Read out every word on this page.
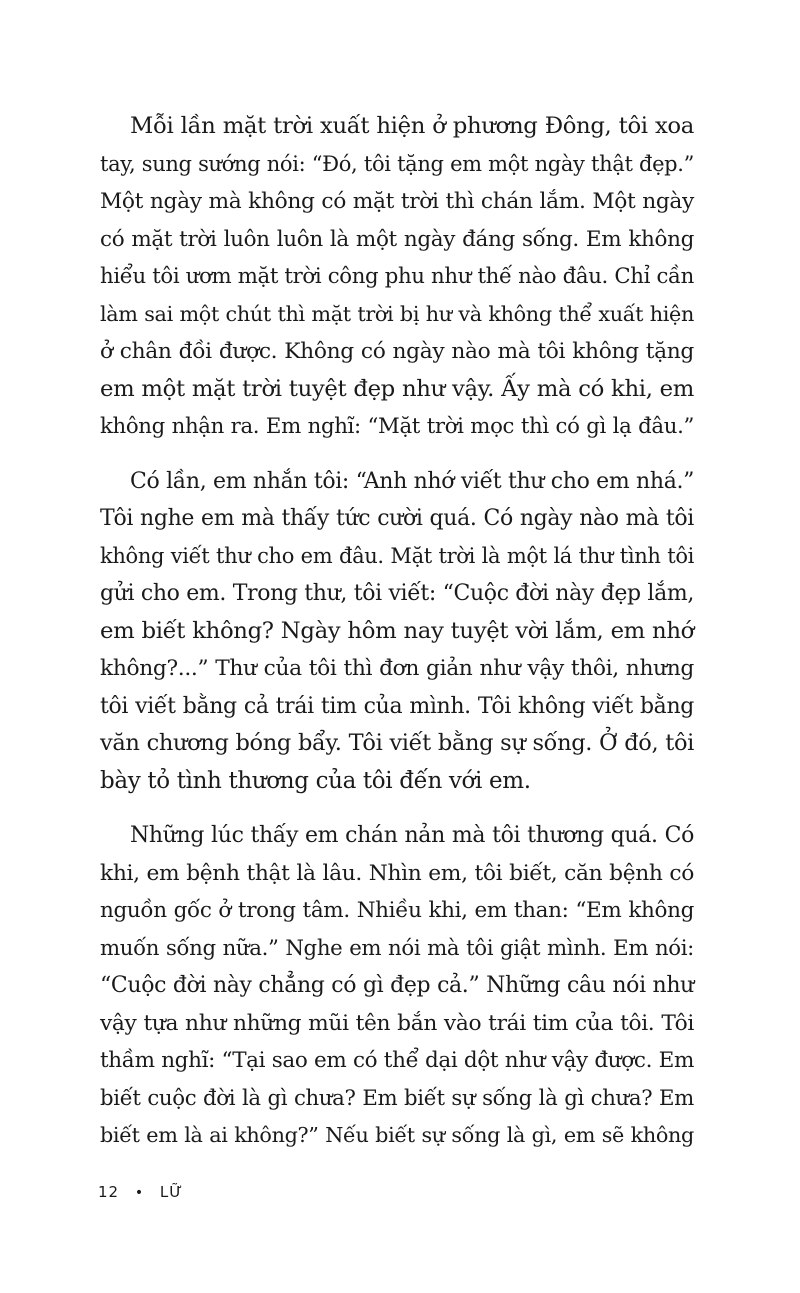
Mỗi lần mặt trời xuất hiện ở phương Đông, tôi xoa
tay, sung sướng nói: “Đó, tôi tặng em một ngày thật đẹp.”
Một ngày mà không có mặt trời thì chán lắm. Một ngày
có mặt trời luôn luôn là một ngày đáng sống. Em không
hiểu tôi ươm mặt trời công phu như thế nào đâu. Chỉ cần
làm sai một chút thì mặt trời bị hư và không thể xuất hiện
ở chân đồi được. Không có ngày nào mà tôi không tặng
em một mặt trời tuyệt đẹp như vậy. Ấy mà có khi, em
không nhận ra. Em nghĩ: “Mặt trời mọc thì có gì lạ đâu.”
Có lần, em nhắn tôi: “Anh nhớ viết thư cho em nhá.”
Tôi nghe em mà thấy tức cười quá. Có ngày nào mà tôi
không viết thư cho em đâu. Mặt trời là một lá thư tình tôi
gửi cho em. Trong thư, tôi viết: “Cuộc đời này đẹp lắm,
em biết không? Ngày hôm nay tuyệt vời lắm, em nhớ
không?...” Thư của tôi thì đơn giản như vậy thôi, nhưng
tôi viết bằng cả trái tim của mình. Tôi không viết bằng
văn chương bóng bẩy. Tôi viết bằng sự sống. Ở đó, tôi
bày tỏ tình thương của tôi đến với em.
Những lúc thấy em chán nản mà tôi thương quá. Có
khi, em bệnh thật là lâu. Nhìn em, tôi biết, căn bệnh có
nguồn gốc ở trong tâm. Nhiều khi, em than: “Em không
muốn sống nữa.” Nghe em nói mà tôi giật mình. Em nói:
“Cuộc đời này chẳng có gì đẹp cả.” Những câu nói như
vậy tựa như những mũi tên bắn vào trái tim của tôi. Tôi
thầm nghĩ: “Tại sao em có thể dại dột như vậy được. Em
biết cuộc đời là gì chưa? Em biết sự sống là gì chưa? Em
biết em là ai không?” Nếu biết sự sống là gì, em sẽ không
12 • LỮ
